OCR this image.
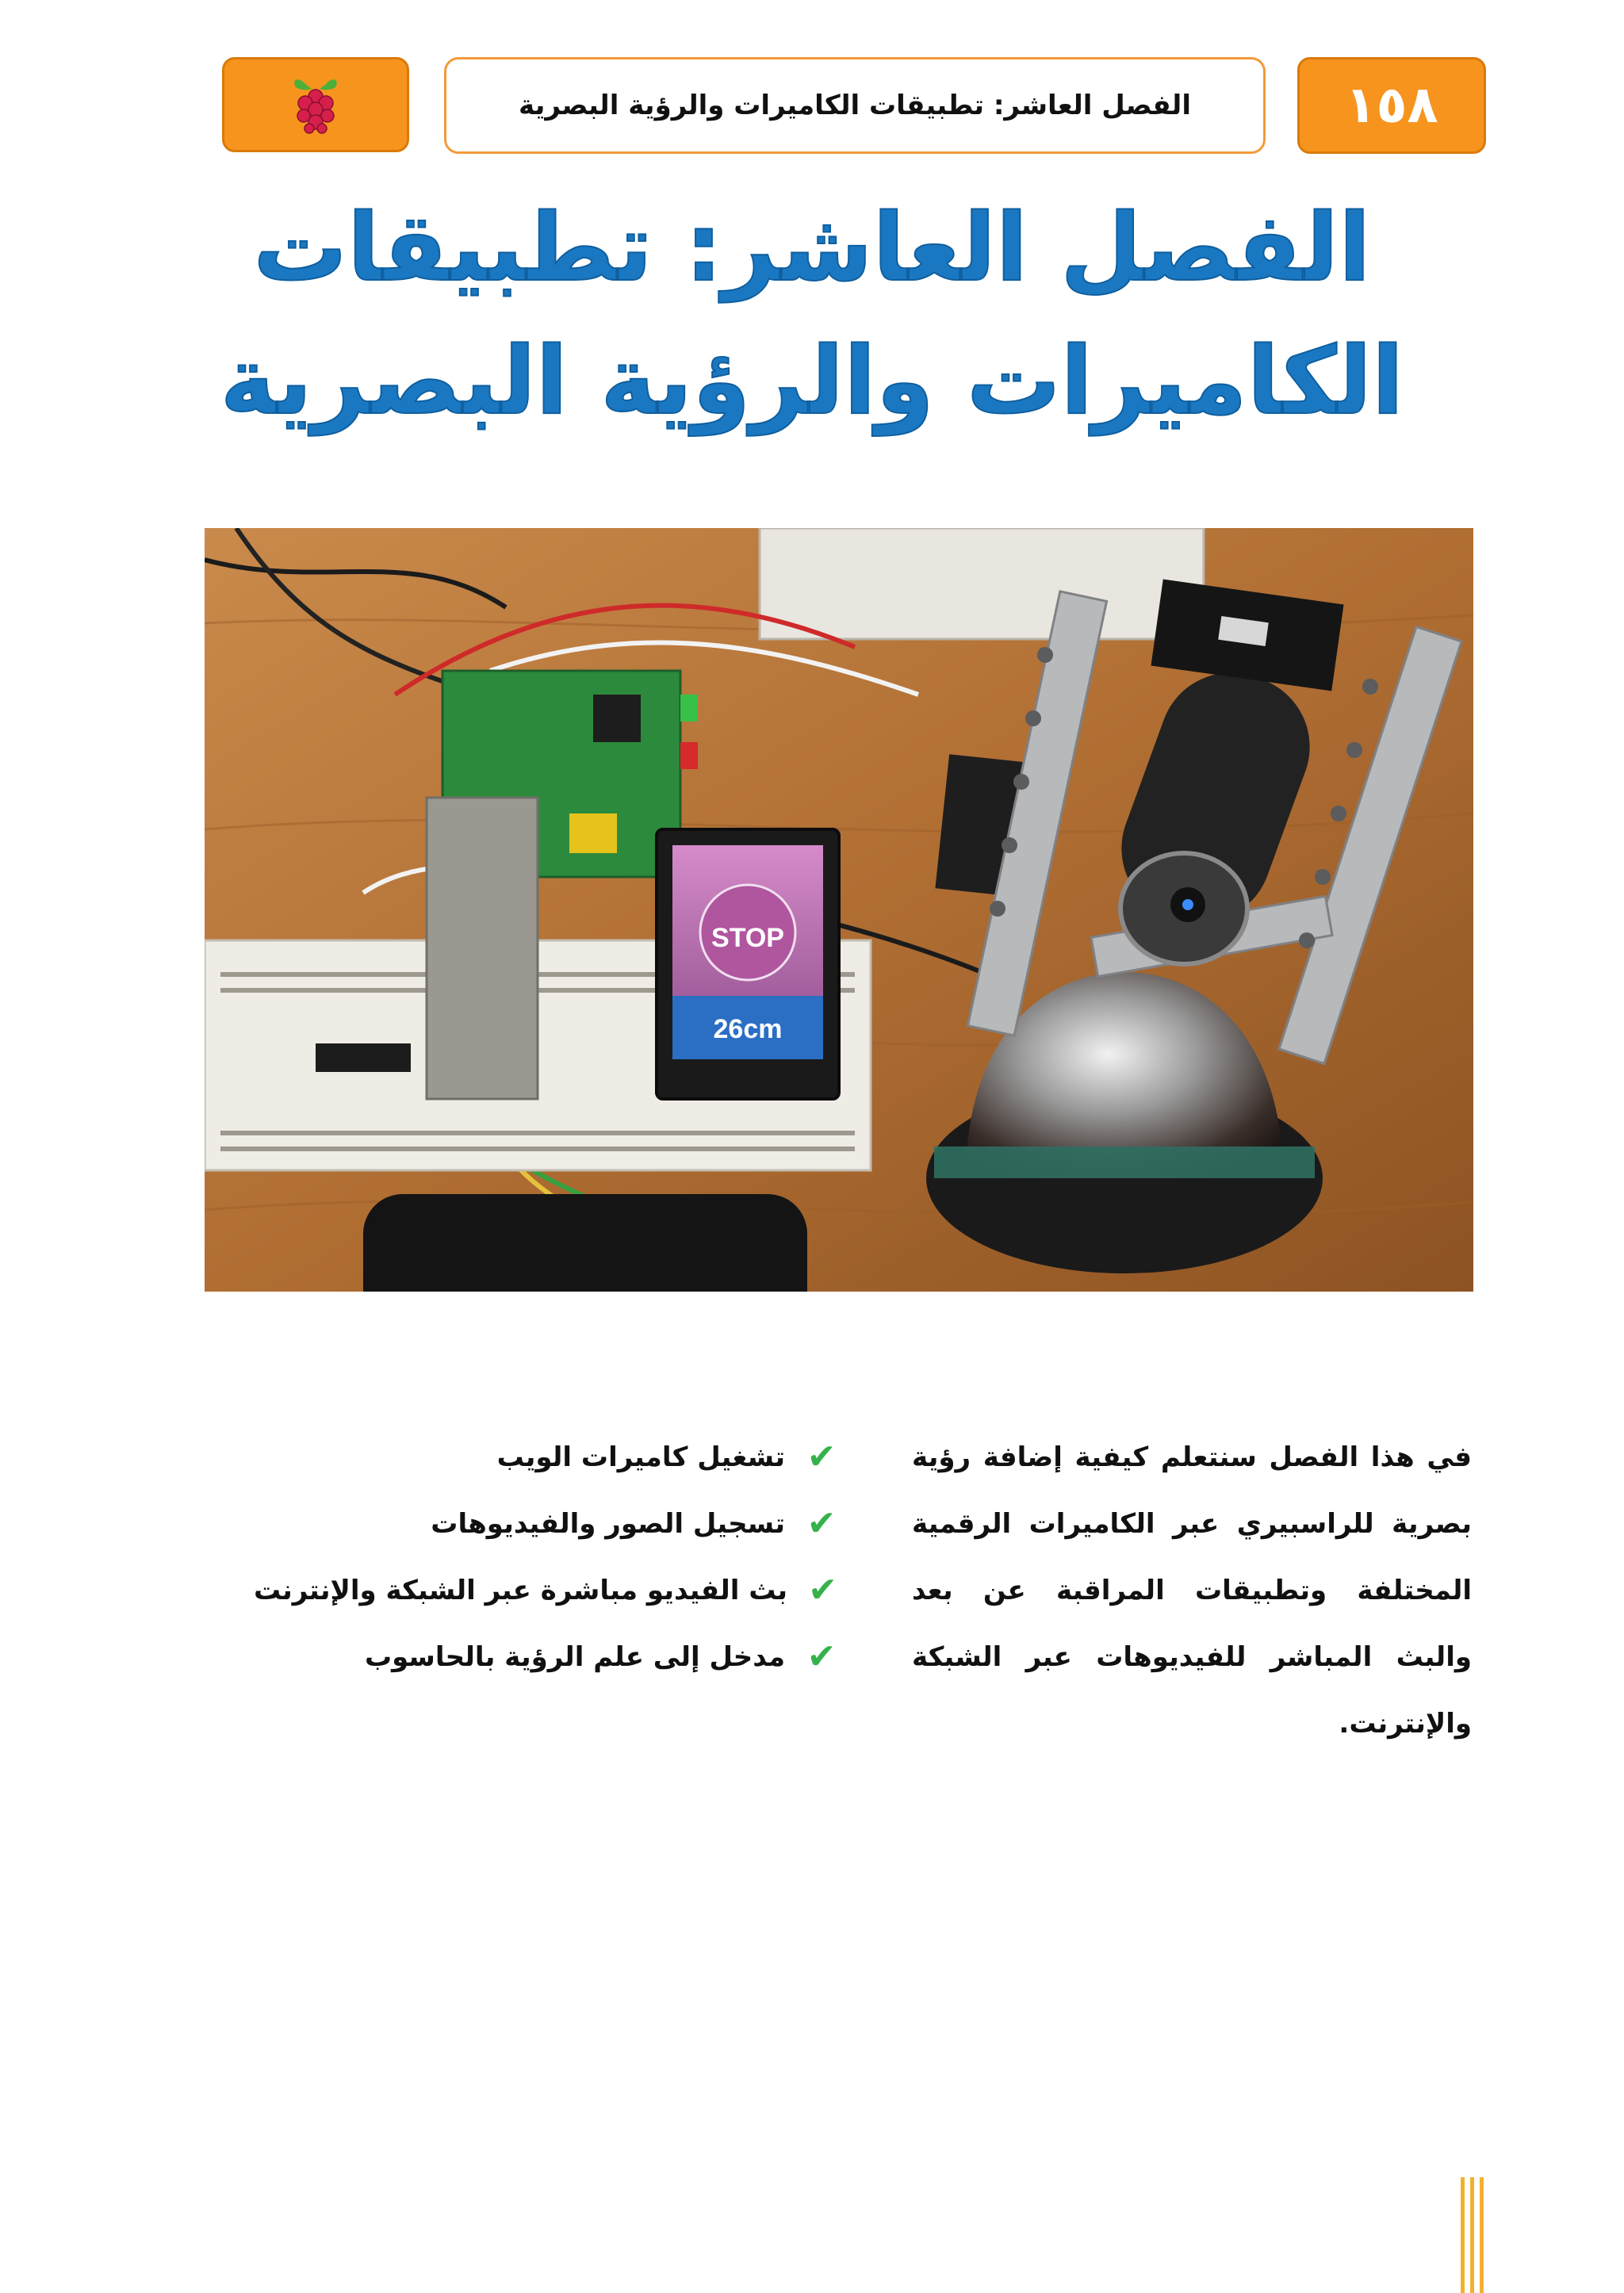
الفصل العاشر: تطبيقات الكاميرات والرؤية البصرية	١٥٨
الفصل العاشر: تطبيقات
الكاميرات والرؤية البصرية
STOP
26cm
في هذا الفصل سنتعلم كيفية إضافة رؤية بصرية للراسبيري عبر الكاميرات الرقمية المختلفة وتطبيقات المراقبة عن بعد والبث المباشر للفيديوهات عبر الشبكة والإنترنت.
✔
تشغيل كاميرات الويب
✔
تسجيل الصور والفيديوهات
✔
بث الفيديو مباشرة عبر الشبكة والإنترنت
✔
مدخل إلى علم الرؤية بالحاسوب
